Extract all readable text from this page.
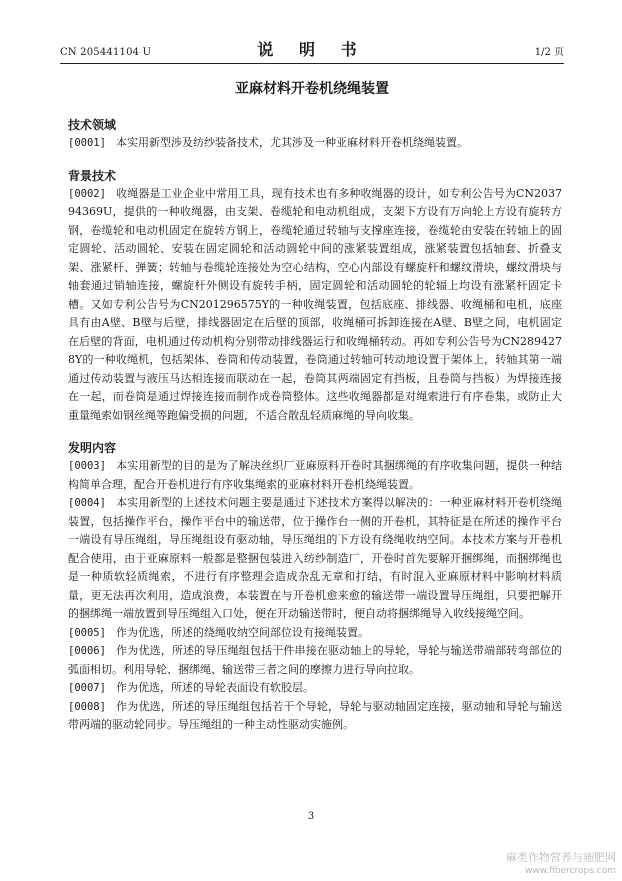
CN 205441104 U	说 明 书	1/2 页
亚麻材料开卷机绕绳装置
技术领域

[0001] 本实用新型涉及纺纱装备技术，尤其涉及一种亚麻材料开卷机绕绳装置。

背景技术

[0002] 收绳器是工业企业中常用工具，现有技术也有多种收绳器的设计，如专利公告号为CN203794369U，提供的一种收绳器，由支架、卷缆轮和电动机组成，支架下方设有万向轮上方设有旋转方钢，卷缆轮和电动机固定在旋转方钢上，卷缆轮通过转轴与支撑座连接，卷缆轮由安装在转轴上的固定圆轮、活动圆轮、安装在固定圆轮和活动圆轮中间的涨紧装置组成，涨紧装置包括轴套、折叠支架、涨紧杆、弹簧；转轴与卷缆轮连接处为空心结构，空心内部设有螺旋杆和螺纹滑块，螺纹滑块与轴套通过销轴连接，螺旋杆外侧设有旋转手柄，固定圆轮和活动圆轮的轮辐上均设有涨紧杆固定卡槽。又如专利公告号为CN201296575Y的一种收绳装置，包括底座、排线器、收绳桶和电机，底座具有由A壁、B壁与后壁，排线器固定在后壁的顶部，收绳桶可拆卸连接在A壁、B壁之间，电机固定在后壁的背面，电机通过传动机构分别带动排线器运行和收绳桶转动。再如专利公告号为CN2894278Y的一种收绳机，包括架体、卷筒和传动装置，卷筒通过转轴可转动地设置于架体上，转轴其第一端通过传动装置与液压马达相连接而联动在一起，卷筒其两端固定有挡板，且卷筒与挡板）为焊接连接在一起，而卷筒是通过焊接连接而制作成卷筒整体。这些收绳器都是对绳索进行有序卷集，或防止大重量绳索如钢丝绳等跑偏受损的问题，不适合散乱轻质麻绳的导向收集。

发明内容

[0003] 本实用新型的目的是为了解决丝织厂亚麻原料开卷时其捆绑绳的有序收集问题，提供一种结构简单合理，配合开卷机进行有序收集绳索的亚麻材料开卷机绕绳装置。

[0004] 本实用新型的上述技术问题主要是通过下述技术方案得以解决的：一种亚麻材料开卷机绕绳装置，包括操作平台，操作平台中的输送带，位于操作台一侧的开卷机，其特征是在所述的操作平台一端设有导压绳组，导压绳组设有驱动轴，导压绳组的下方设有绕绳收纳空间。本技术方案与开卷机配合使用，由于亚麻原料一般都是整捆包装进入纺纱制造厂，开卷时首先要解开捆绑绳，而捆绑绳也是一种质软轻质绳索，不进行有序整理会造成杂乱无章和打结，有时混入亚麻原材料中影响材料质量，更无法再次利用，造成浪费，本装置在与开卷机愈来愈的输送带一端设置导压绳组，只要把解开的捆绑绳一端放置到导压绳组入口处，便在开动输送带时，便自动将捆绑绳导入收线接绳空间。

[0005] 作为优选，所述的绕绳收纳空间部位设有接绳装置。

[0006] 作为优选，所述的导压绳组包括干件串接在驱动轴上的导轮，导轮与输送带端部转弯部位的弧面相切。利用导轮、捆绑绳、输送带三者之间的摩擦力进行导向拉取。

[0007] 作为优选，所述的导轮表面设有软胶层。

[0008] 作为优选，所述的导压绳组包括若干个导轮，导轮与驱动轴固定连接，驱动轴和导轮与输送带两端的驱动轮同步。导压绳组的一种主动性驱动实施例。

3
麻类作物营养与施肥网
www.fibercrops.com
